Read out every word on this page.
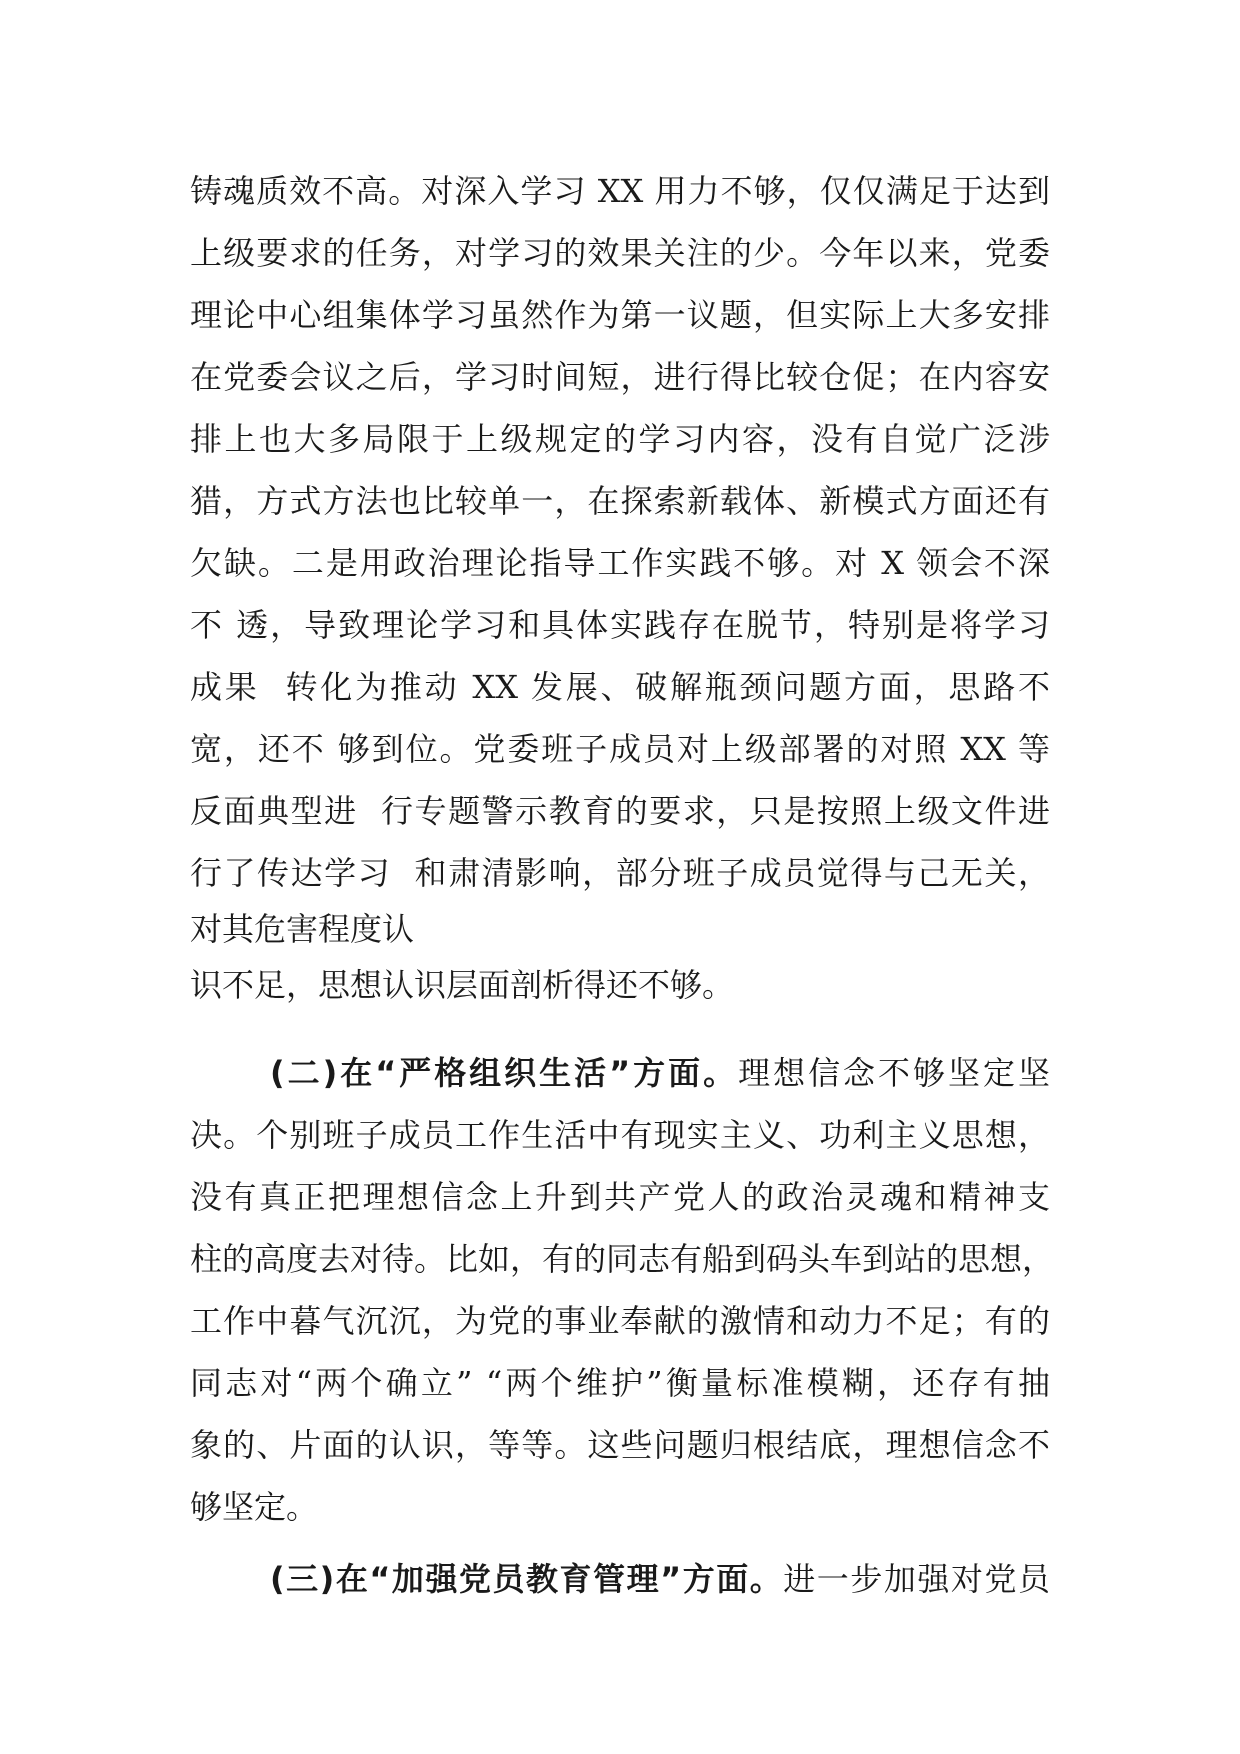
铸魂质效不高。对深入学习 XX 用力不够，仅仅满足于达到
上级要求的任务，对学习的效果关注的少。今年以来，党委
理论中心组集体学习虽然作为第一议题，但实际上大多安排
在党委会议之后，学习时间短，进行得比较仓促；在内容安
排上也大多局限于上级规定的学习内容，没有自觉广泛涉
猎，方式方法也比较单一，在探索新载体、新模式方面还有
欠缺。二是用政治理论指导工作实践不够。对 X 领会不深
不 透，导致理论学习和具体实践存在脱节，特别是将学习
成果  转化为推动 XX 发展、破解瓶颈问题方面，思路不
宽，还不 够到位。党委班子成员对上级部署的对照 XX 等
反面典型进  行专题警示教育的要求，只是按照上级文件进
行了传达学习  和肃清影响，部分班子成员觉得与己无关，
对其危害程度认
识不足，思想认识层面剖析得还不够。
(二)在“严格组织生活”方面。理想信念不够坚定坚
决。个别班子成员工作生活中有现实主义、功利主义思想，
没有真正把理想信念上升到共产党人的政治灵魂和精神支
柱的高度去对待。比如，有的同志有船到码头车到站的思想，
工作中暮气沉沉，为党的事业奉献的激情和动力不足；有的
同志对“两个确立” “两个维护”衡量标准模糊，还存有抽
象的、片面的认识，等等。这些问题归根结底，理想信念不
够坚定。
(三)在“加强党员教育管理”方面。进一步加强对党员
